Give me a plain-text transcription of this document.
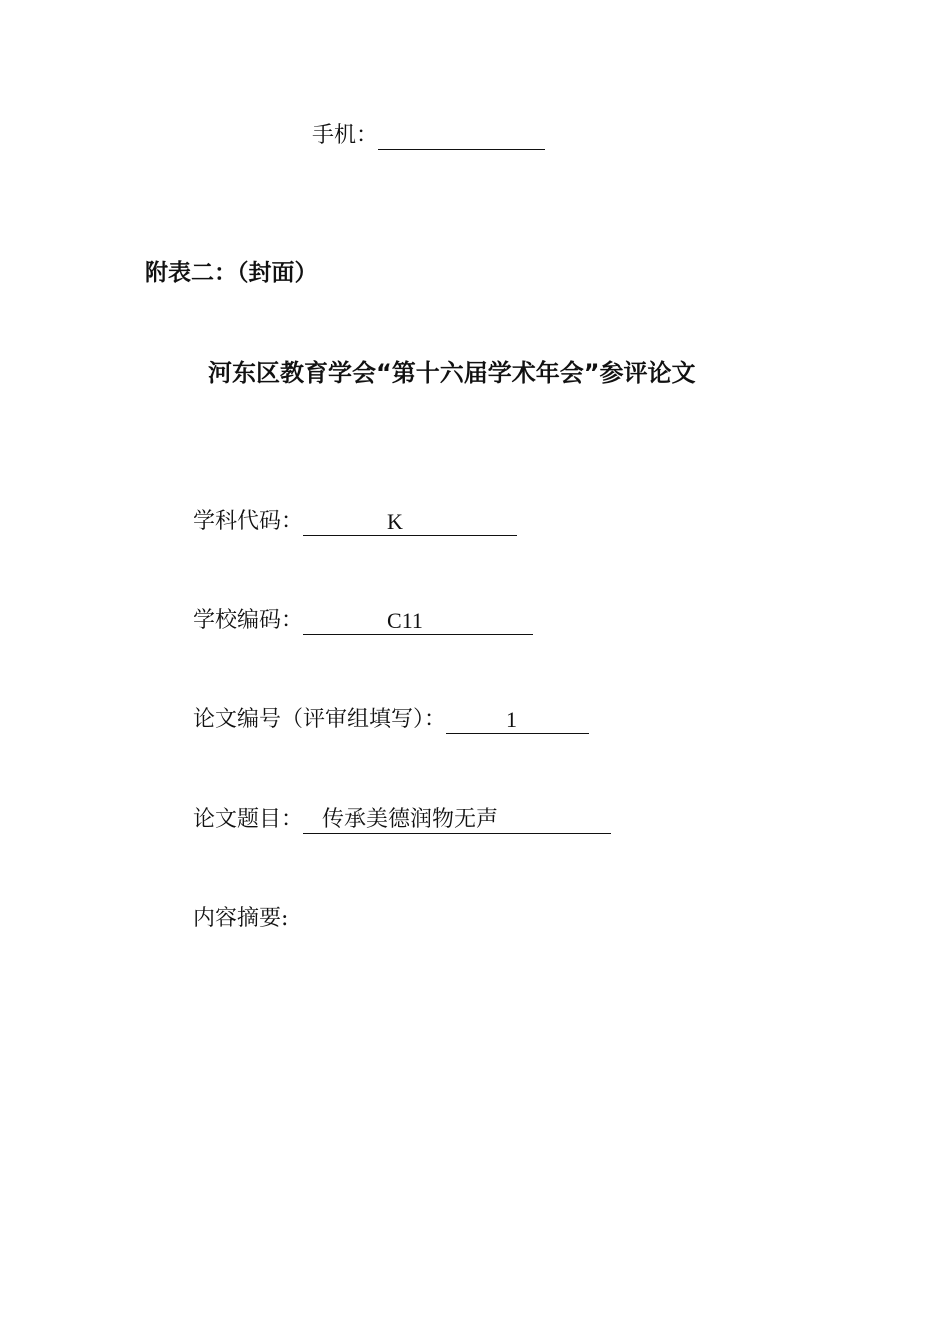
手机：
附表二：（封面）
河东区教育学会“第十六届学术年会”参评论文
学科代码：	K
学校编码：	C11
论文编号（评审组填写）：	1
论文题目： 传承美德润物无声
内容摘要:
